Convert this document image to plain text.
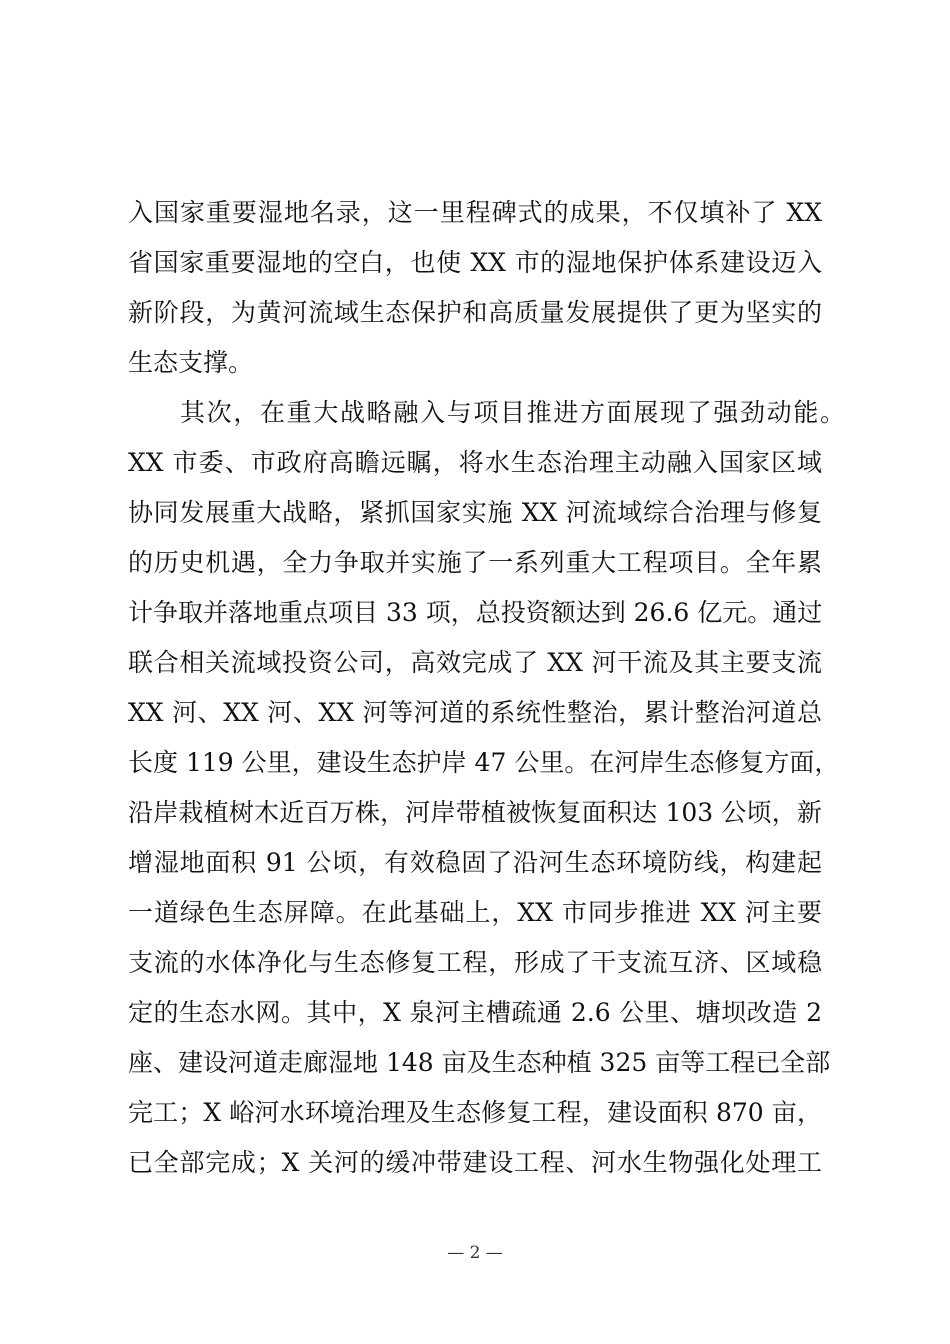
入国家重要湿地名录，这一里程碑式的成果，不仅填补了 XX
省国家重要湿地的空白，也使 XX 市的湿地保护体系建设迈入
新阶段，为黄河流域生态保护和高质量发展提供了更为坚实的
生态支撑。
其次，在重大战略融入与项目推进方面展现了强劲动能。
XX 市委、市政府高瞻远瞩，将水生态治理主动融入国家区域
协同发展重大战略，紧抓国家实施 XX 河流域综合治理与修复
的历史机遇，全力争取并实施了一系列重大工程项目。全年累
计争取并落地重点项目 33 项，总投资额达到 26.6 亿元。通过
联合相关流域投资公司，高效完成了 XX 河干流及其主要支流
XX 河、XX 河、XX 河等河道的系统性整治，累计整治河道总
长度 119 公里，建设生态护岸 47 公里。在河岸生态修复方面，
沿岸栽植树木近百万株，河岸带植被恢复面积达 103 公顷，新
增湿地面积 91 公顷，有效稳固了沿河生态环境防线，构建起
一道绿色生态屏障。在此基础上，XX 市同步推进 XX 河主要
支流的水体净化与生态修复工程，形成了干支流互济、区域稳
定的生态水网。其中，X 泉河主槽疏通 2.6 公里、塘坝改造 2
座、建设河道走廊湿地 148 亩及生态种植 325 亩等工程已全部
完工；X 峪河水环境治理及生态修复工程，建设面积 870 亩，
已全部完成；X 关河的缓冲带建设工程、河水生物强化处理工
— 2 —
